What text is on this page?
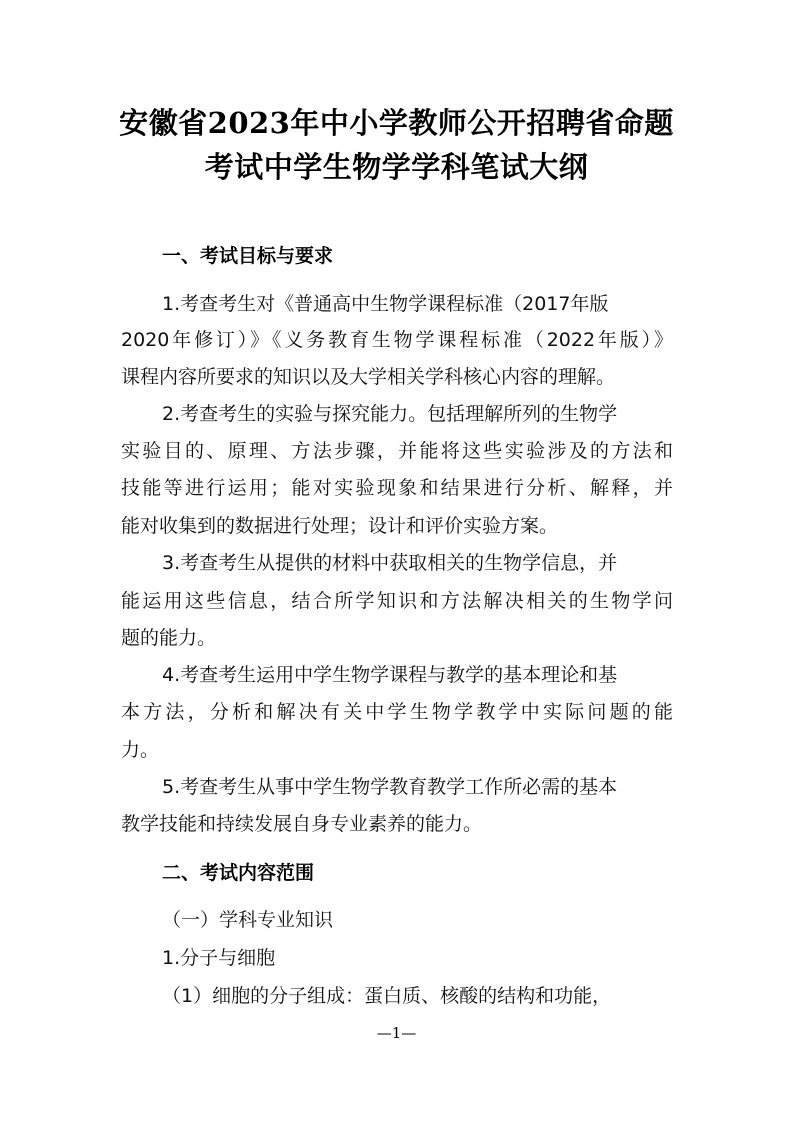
安徽省2023年中小学教师公开招聘省命题
考试中学生物学学科笔试大纲
一、考试目标与要求
1.考查考生对《普通高中生物学课程标准（2017年版
2020年修订）》《义务教育生物学课程标准（2022年版）》
课程内容所要求的知识以及大学相关学科核心内容的理解。
2.考查考生的实验与探究能力。包括理解所列的生物学
实验目的、原理、方法步骤，并能将这些实验涉及的方法和
技能等进行运用；能对实验现象和结果进行分析、解释，并
能对收集到的数据进行处理；设计和评价实验方案。
3.考查考生从提供的材料中获取相关的生物学信息，并
能运用这些信息，结合所学知识和方法解决相关的生物学问
题的能力。
4.考查考生运用中学生物学课程与教学的基本理论和基
本方法，分析和解决有关中学生物学教学中实际问题的能
力。
5.考查考生从事中学生物学教育教学工作所必需的基本
教学技能和持续发展自身专业素养的能力。
二、考试内容范围
（一）学科专业知识
1.分子与细胞
（1）细胞的分子组成：蛋白质、核酸的结构和功能，
—1—
